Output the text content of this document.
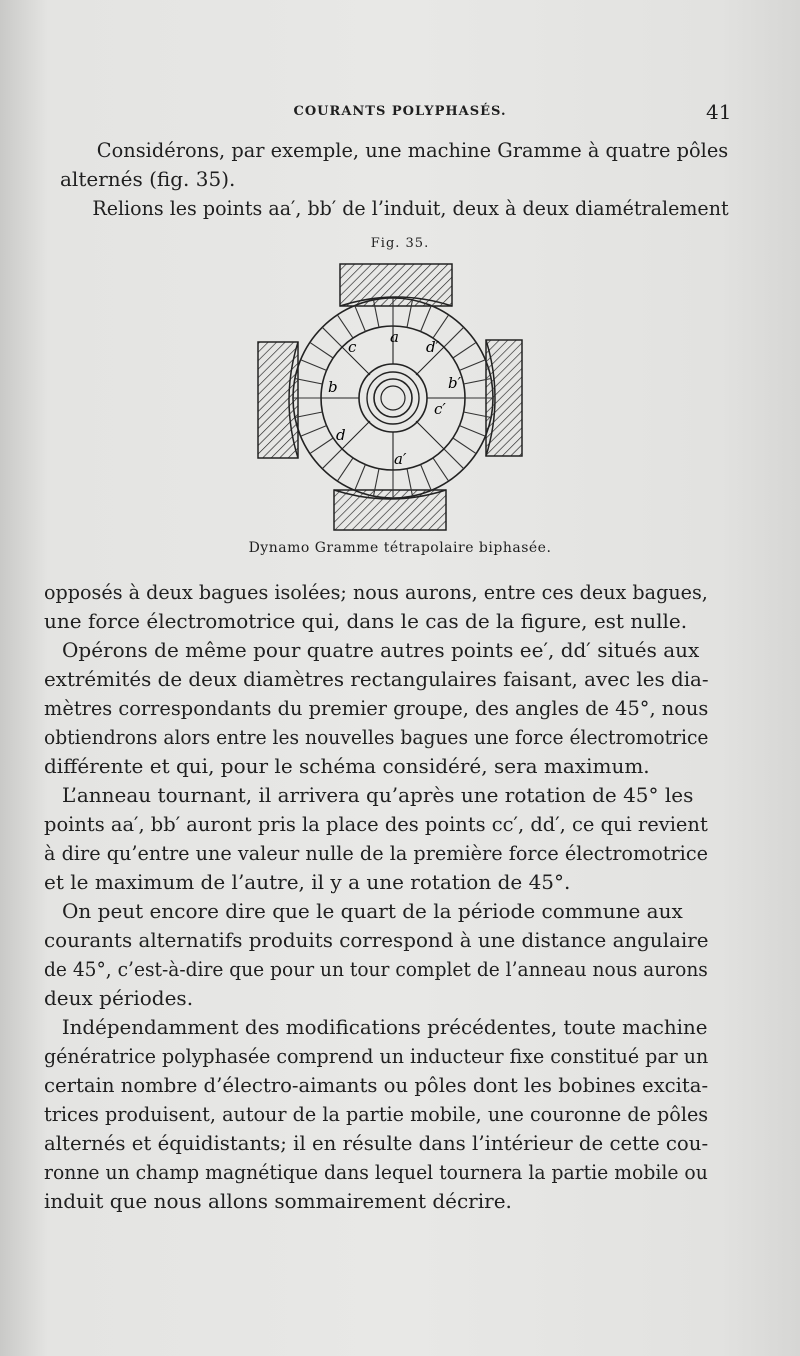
COURANTS POLYPHASÉS.	41
Considérons, par exemple, une machine Gramme à quatre pôles
alternés (fig. 35).
Relions les points aa′, bb′ de l’induit, deux à deux diamétralement
Fig. 35.
a
a′
b	b′
c
c′
d
d′
Dynamo Gramme tétrapolaire biphasée.
opposés à deux bagues isolées; nous aurons, entre ces deux bagues,
une force électromotrice qui, dans le cas de la figure, est nulle.
Opérons de même pour quatre autres points ee′, dd′ situés aux
extrémités de deux diamètres rectangulaires faisant, avec les dia-
mètres correspondants du premier groupe, des angles de 45°, nous
obtiendrons alors entre les nouvelles bagues une force électromotrice
différente et qui, pour le schéma considéré, sera maximum.
L’anneau tournant, il arrivera qu’après une rotation de 45° les
points aa′, bb′ auront pris la place des points cc′, dd′, ce qui revient
à dire qu’entre une valeur nulle de la première force électromotrice
et le maximum de l’autre, il y a une rotation de 45°.
On peut encore dire que le quart de la période commune aux
courants alternatifs produits correspond à une distance angulaire
de 45°, c’est-à-dire que pour un tour complet de l’anneau nous aurons
deux périodes.
Indépendamment des modifications précédentes, toute machine
génératrice polyphasée comprend un inducteur fixe constitué par un
certain nombre d’électro-aimants ou pôles dont les bobines excita-
trices produisent, autour de la partie mobile, une couronne de pôles
alternés et équidistants; il en résulte dans l’intérieur de cette cou-
ronne un champ magnétique dans lequel tournera la partie mobile ou
induit que nous allons sommairement décrire.
